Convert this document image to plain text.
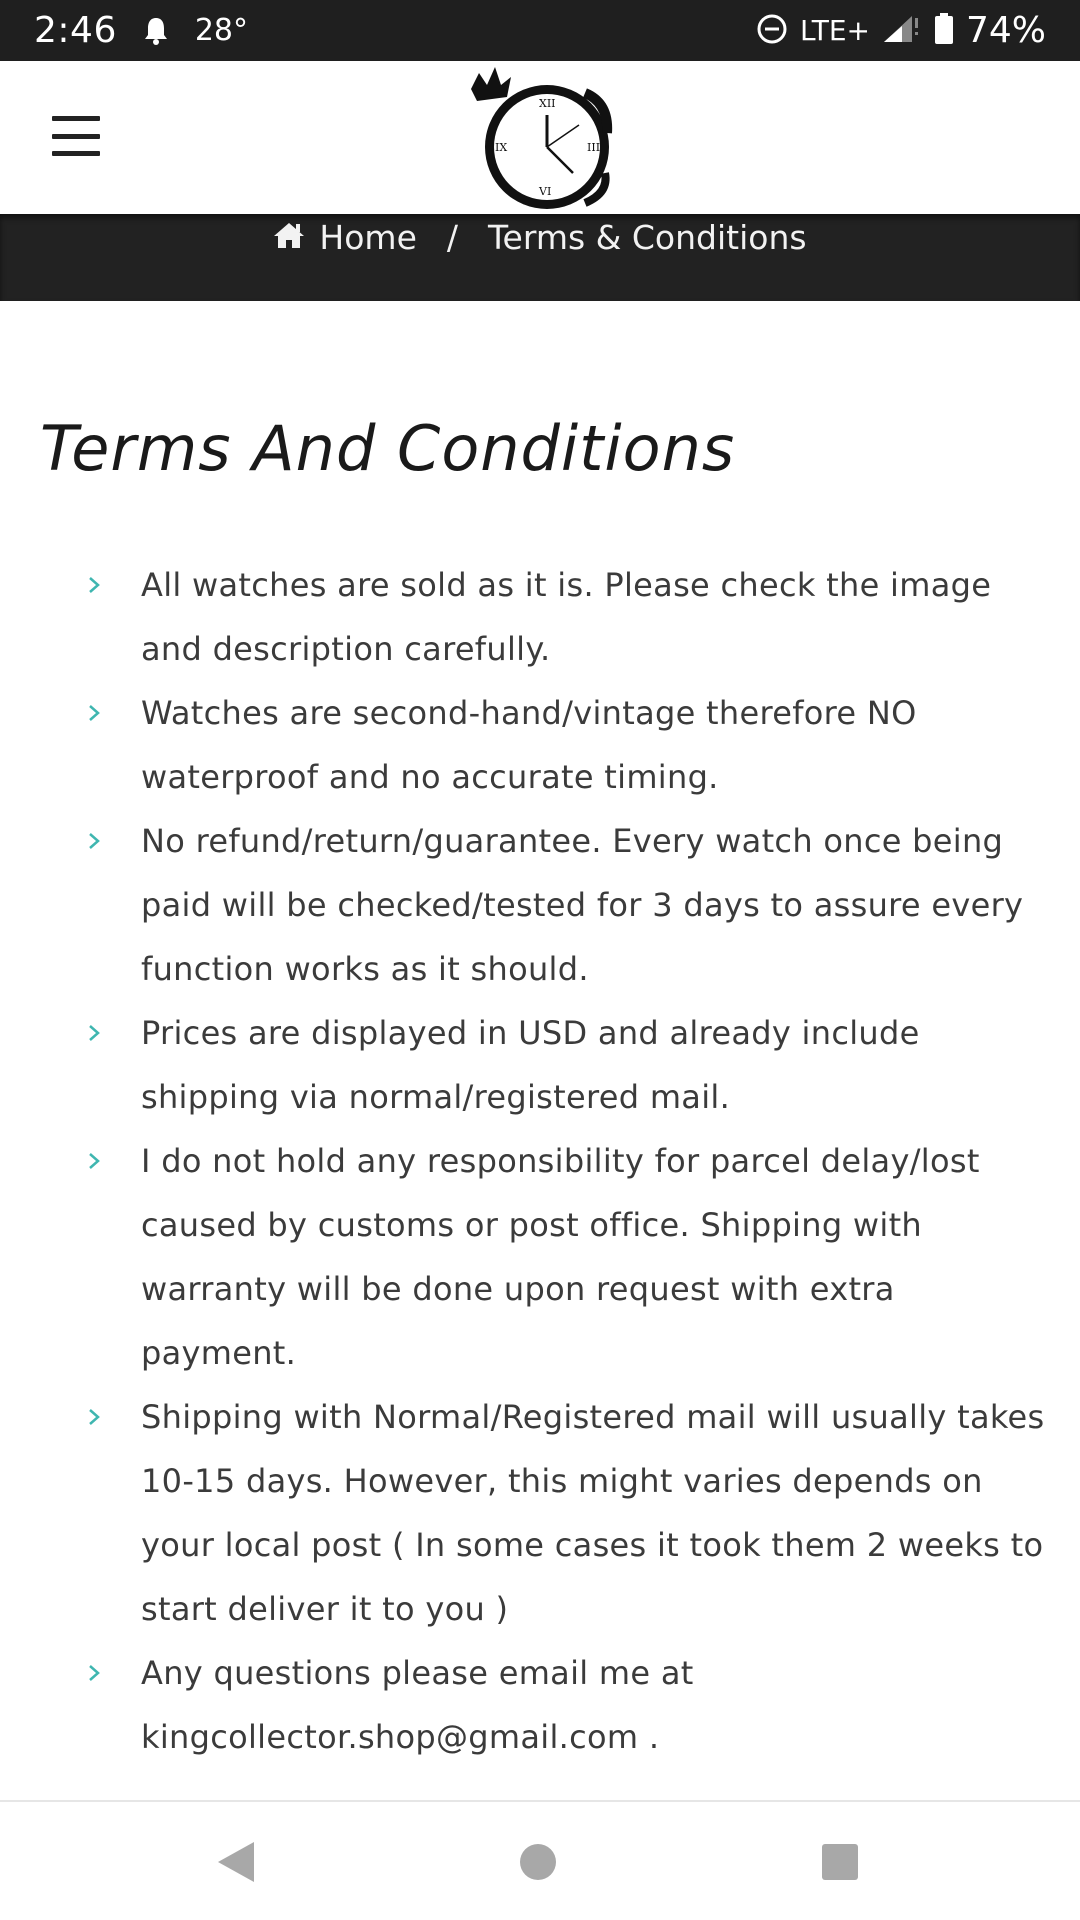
2:46	28°	LTE+	74%
XII
III
VI
IX
Home / Terms & Conditions
Terms And Conditions
All watches are sold as it is. Please check the image and description carefully.
Watches are second-hand/vintage therefore NO waterproof and no accurate timing.
No refund/return/guarantee. Every watch once being paid will be checked/tested for 3 days to assure every function works as it should.
Prices are displayed in USD and already include shipping via normal/registered mail.
I do not hold any responsibility for parcel delay/lost caused by customs or post office. Shipping with warranty will be done upon request with extra payment.
Shipping with Normal/Registered mail will usually takes 10-15 days. However, this might varies depends on your local post ( In some cases it took them 2 weeks to start deliver it to you )
Any questions please email me at kingcollector.shop@gmail.com .
